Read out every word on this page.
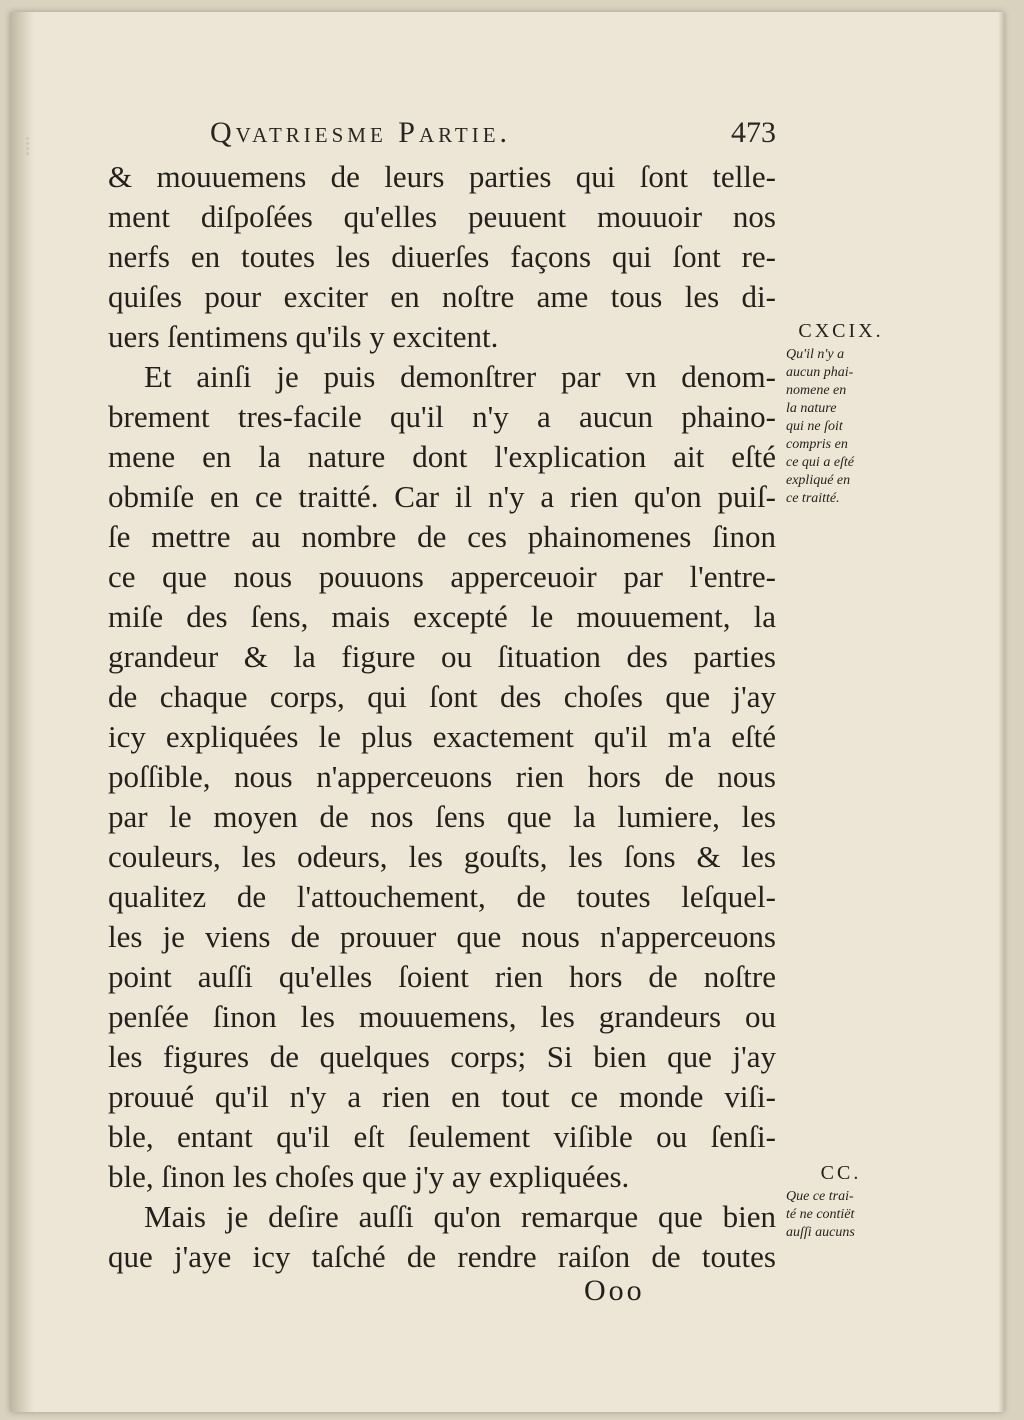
⁞	Qvatriesme Partie.	473
& mouuemens de leurs parties qui ſont telle-
ment diſpoſées qu'elles peuuent mouuoir nos
nerfs en toutes les diuerſes façons qui ſont re-
quiſes pour exciter en noſtre ame tous les di-
uers ſentimens qu'ils y excitent.
Et ainſi je puis demonſtrer par vn denom-
brement tres-facile qu'il n'y a aucun phaino-
mene en la nature dont l'explication ait eſté
obmiſe en ce traitté. Car il n'y a rien qu'on puiſ-
ſe mettre au nombre de ces phainomenes ſinon
ce que nous pouuons apperceuoir par l'entre-
miſe des ſens, mais excepté le mouuement, la
grandeur & la figure ou ſituation des parties
de chaque corps, qui ſont des choſes que j'ay
icy expliquées le plus exactement qu'il m'a eſté
poſſible, nous n'apperceuons rien hors de nous
par le moyen de nos ſens que la lumiere, les
couleurs, les odeurs, les gouſts, les ſons & les
qualitez de l'attouchement, de toutes leſquel-
les je viens de prouuer que nous n'apperceuons
point auſſi qu'elles ſoient rien hors de noſtre
penſée ſinon les mouuemens, les grandeurs ou
les figures de quelques corps; Si bien que j'ay
prouué qu'il n'y a rien en tout ce monde viſi-
ble, entant qu'il eſt ſeulement viſible ou ſenſi-
ble, ſinon les choſes que j'y ay expliquées.
Mais je deſire auſſi qu'on remarque que bien
que j'aye icy taſché de rendre raiſon de toutes
CXCIX.
Qu'il n'y a
aucun phai-
nomene en
la nature
qui ne ſoit
compris en
ce qui a eſté
expliqué en
ce traitté.
CC.
Que ce trai-
té ne contiët
auſſi aucuns
Ooo
